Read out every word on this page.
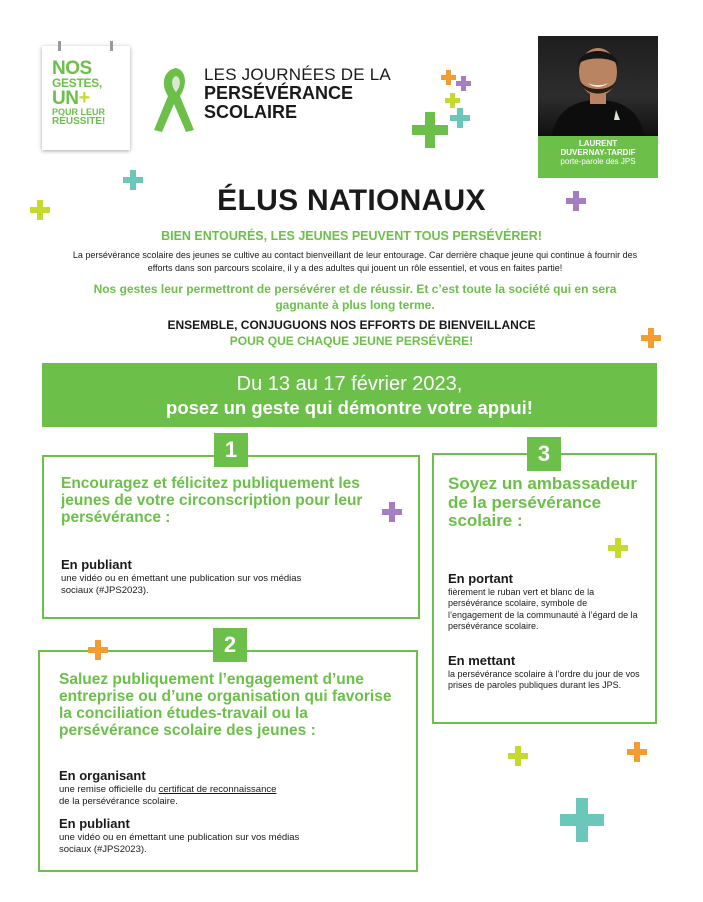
NOS
GESTES,
UN+
POUR LEUR
RÉUSSITE!
LES JOURNÉES DE LA
PERSÉVÉRANCE
SCOLAIRE
LAURENT
DUVERNAY-TARDIF
porte-parole des JPS
ÉLUS NATIONAUX
BIEN ENTOURÉS, LES JEUNES PEUVENT TOUS PERSÉVÉRER!
La persévérance scolaire des jeunes se cultive au contact bienveillant de leur entourage. Car derrière chaque jeune qui continue à fournir des efforts dans son parcours scolaire, il y a des adultes qui jouent un rôle essentiel, et vous en faites partie!
Nos gestes leur permettront de persévérer et de réussir. Et c’est toute la société qui en sera gagnante à plus long terme.
ENSEMBLE, CONJUGUONS NOS EFFORTS DE BIENVEILLANCE
POUR QUE CHAQUE JEUNE PERSÉVÈRE!
Du 13 au 17 février 2023,
posez un geste qui démontre votre appui!
Encouragez et félicitez publiquement les jeunes de votre circonscription pour leur persévérance :
En publiant
une vidéo ou en émettant une publication sur vos médias sociaux (#JPS2023).
1
Soyez un ambassadeur de la persévérance scolaire :
En portant
fièrement le ruban vert et blanc de la persévérance scolaire, symbole de l’engagement de la communauté à l’égard de la persévérance scolaire.
En mettant
la persévérance scolaire à l’ordre du jour de vos prises de paroles publiques durant les JPS.
3
Saluez publiquement l’engagement d’une entreprise ou d’une organisation qui favorise la conciliation études-travail ou la persévérance scolaire des jeunes :
En organisant
une remise officielle du certificat de reconnaissance
de la persévérance scolaire.
En publiant
une vidéo ou en émettant une publication sur vos médias sociaux (#JPS2023).
2
